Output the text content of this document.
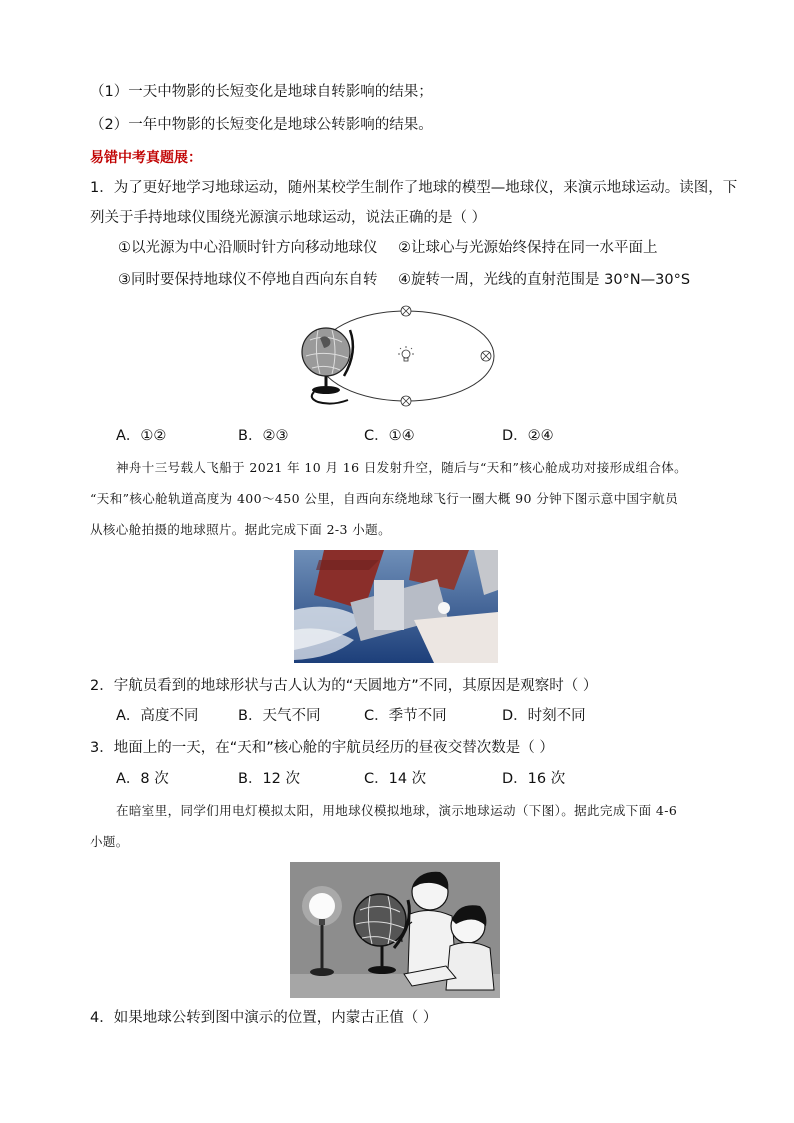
（1）一天中物影的长短变化是地球自转影响的结果；
（2）一年中物影的长短变化是地球公转影响的结果。
易错中考真题展：
1．为了更好地学习地球运动，随州某校学生制作了地球的模型—地球仪，来演示地球运动。读图，下
列关于手持地球仪围绕光源演示地球运动，说法正确的是（ ）
①以光源为中心沿顺时针方向移动地球仪 ②让球心与光源始终保持在同一水平面上
③同时要保持地球仪不停地自西向东自转 ④旋转一周，光线的直射范围是 30°N—30°S
A．①②	B．②③	C．①④	D．②④
神舟十三号载人飞船于 2021 年 10 月 16 日发射升空，随后与“天和”核心舱成功对接形成组合体。
“天和”核心舱轨道高度为 400～450 公里，自西向东绕地球飞行一圈大概 90 分钟下图示意中国宇航员
从核心舱拍摄的地球照片。据此完成下面 2-3 小题。
2．宇航员看到的地球形状与古人认为的“天圆地方”不同，其原因是观察时（ ）
A．高度不同	B．天气不同	C．季节不同	D．时刻不同
3．地面上的一天，在“天和”核心舱的宇航员经历的昼夜交替次数是（ ）
A．8 次	B．12 次	C．14 次	D．16 次
在暗室里，同学们用电灯模拟太阳，用地球仪模拟地球，演示地球运动（下图）。据此完成下面 4-6
小题。
4．如果地球公转到图中演示的位置，内蒙古正值（ ）
